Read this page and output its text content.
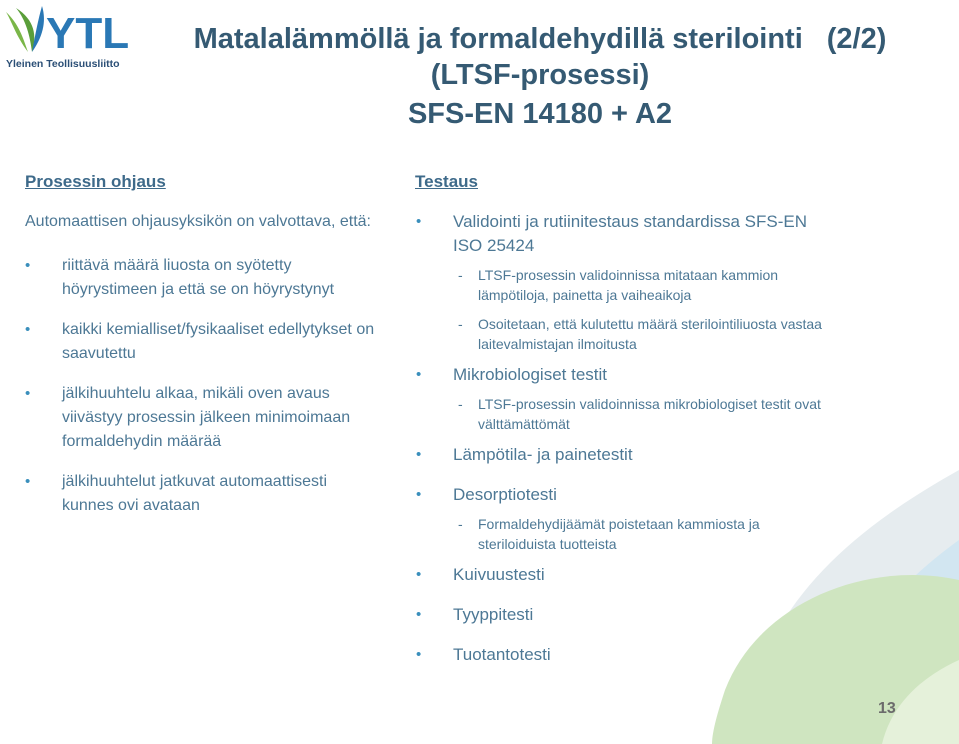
YTL
Yleinen Teollisuusliitto
Matalalämmöllä ja formaldehydillä sterilointi (2/2)
(LTSF-prosessi)
SFS-EN 14180 + A2
Prosessin ohjaus
Automaattisen ohjausyksikön on valvottava, että:
• riittävä määrä liuosta on syötetty höyrystimeen ja että se on höyrystynyt
• kaikki kemialliset/fysikaaliset edellytykset on saavutettu
• jälkihuuhtelu alkaa, mikäli oven avaus viivästyy prosessin jälkeen minimoimaan formaldehydin määrää
• jälkihuuhtelut jatkuvat automaattisesti kunnes ovi avataan
Testaus
• Validointi ja rutiinitestaus standardissa SFS-EN ISO 25424
- LTSF-prosessin validoinnissa mitataan kammion lämpötiloja, painetta ja vaiheaikoja
- Osoitetaan, että kulutettu määrä sterilointiliuosta vastaa laitevalmistajan ilmoitusta
• Mikrobiologiset testit
- LTSF-prosessin validoinnissa mikrobiologiset testit ovat välttämättömät
• Lämpötila- ja painetestit
• Desorptiotesti
- Formaldehydijäämät poistetaan kammiosta ja steriloiduista tuotteista
• Kuivuustesti
• Tyyppitesti
• Tuotantotesti
13
